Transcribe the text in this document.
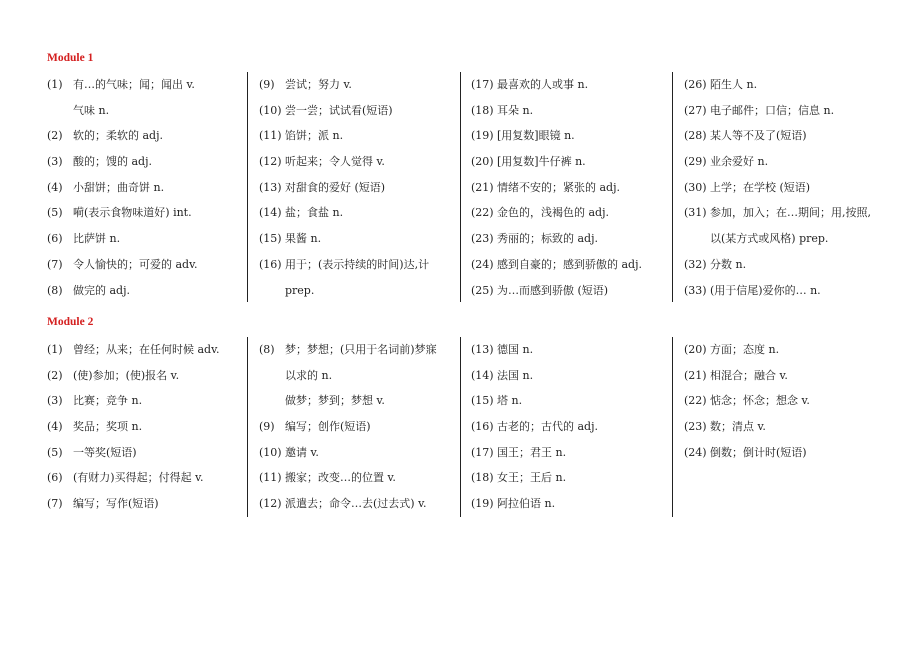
Module 1
(1) 有…的气味；闻；闻出 v.
气味 n.
(2) 软的；柔软的 adj.
(3) 酸的；馊的 adj.
(4) 小甜饼；曲奇饼 n.
(5) 嗬(表示食物味道好) int.
(6) 比萨饼 n.
(7) 令人愉快的；可爱的 adv.
(8) 做完的 adj.
(9) 尝试；努力 v.
(10) 尝一尝；试试看(短语)
(11) 馅饼；派 n.
(12) 听起来；令人觉得 v.
(13) 对甜食的爱好 (短语)
(14) 盐；食盐 n.
(15) 果酱 n.
(16) 用于；(表示持续的时间)达,计
prep.
(17) 最喜欢的人或事 n.
(18) 耳朵 n.
(19) [用复数]眼镜 n.
(20) [用复数]牛仔裤 n.
(21) 情绪不安的；紧张的 adj.
(22) 金色的，浅褐色的 adj.
(23) 秀丽的；标致的 adj.
(24) 感到自豪的；感到骄傲的 adj.
(25) 为…而感到骄傲 (短语)
(26) 陌生人 n.
(27) 电子邮件；口信；信息 n.
(28) 某人等不及了(短语)
(29) 业余爱好 n.
(30) 上学；在学校 (短语)
(31) 参加，加入；在…期间；用,按照,
以(某方式或风格) prep.
(32) 分数 n.
(33) (用于信尾)爱你的… n.
Module 2
(1) 曾经；从来；在任何时候 adv.
(2) (使)参加；(使)报名 v.
(3) 比赛；竞争 n.
(4) 奖品；奖项 n.
(5) 一等奖(短语)
(6) (有财力)买得起；付得起 v.
(7) 编写；写作(短语)
(8) 梦；梦想；(只用于名词前)梦寐
以求的 n.
做梦；梦到；梦想 v.
(9) 编写；创作(短语)
(10) 邀请 v.
(11) 搬家；改变…的位置 v.
(12) 派遣去；命令…去(过去式) v.
(13) 德国 n.
(14) 法国 n.
(15) 塔 n.
(16) 古老的；古代的 adj.
(17) 国王；君王 n.
(18) 女王；王后 n.
(19) 阿拉伯语 n.
(20) 方面；态度 n.
(21) 相混合；融合 v.
(22) 惦念；怀念；想念 v.
(23) 数；清点 v.
(24) 倒数；倒计时(短语)
